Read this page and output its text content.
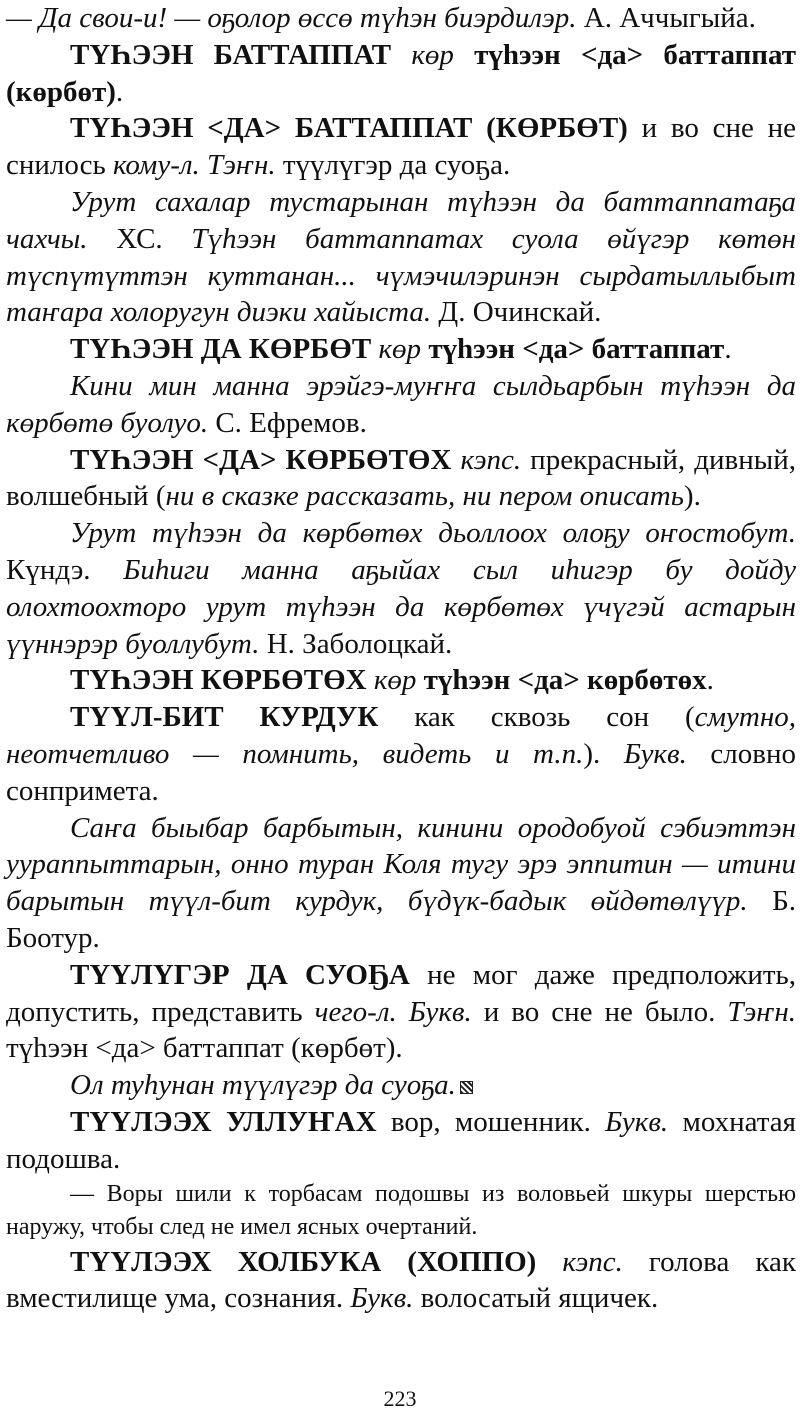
— Да свои-и! — оҕолор өссө түһэн биэрдилэр. А. Аччыгыйа.

ТҮҺЭЭН БАТТАППАТ көр түһээн <да> баттаппат (көрбөт).

ТҮҺЭЭН <ДА> БАТТАППАТ (КӨРБӨТ) и во сне не снилось кому-л. Тэҥн. түүлүгэр да суоҕа.

Урут сахалар тустарынан түһээн да баттаппатаҕа чахчы. ХС. Түһээн баттаппатах суола өйүгэр көтөн түспүтүттэн куттанан... чүмэчилэринэн сырдатыллыбыт таҥара холоругун диэки хайыста. Д. Очинскай.

ТҮҺЭЭН ДА КӨРБӨТ көр түһээн <да> баттаппат.

Кини мин манна эрэйгэ-муҥҥа сылдьарбын түһээн да көрбөтө буолуо. С. Ефремов.

ТҮҺЭЭН <ДА> КӨРБӨТӨХ кэпс. прекрасный, дивный, волшебный (ни в сказке рассказать, ни пером описать).

Урут түһээн да көрбөтөх дьоллоох олоҕу оҥостобут. Күндэ. Биһиги манна аҕыйах сыл иһигэр бу дойду олохтоохторо урут түһээн да көрбөтөх үчүгэй астарын үүннэрэр буоллубут. Н. Заболоцкай.

ТҮҺЭЭН КӨРБӨТӨХ көр түһээн <да> көрбөтөх.

ТҮҮЛ-БИТ КУРДУК как сквозь сон (смутно, неотчетливо — помнить, видеть и т.п.). Букв. словно сонпримета.

Саҥа быыбар барбытын, кинини ородобуой сэбиэттэн уураппыттарын, онно туран Коля тугу эрэ эппитин — итини барытын түүл-бит курдук, бүдүк-бадык өйдөтөлүүр. Б. Боотур.

ТҮҮЛҮГЭР ДА СУОҔА не мог даже предположить, допустить, представить чего-л. Букв. и во сне не было. Тэҥн. түһээн <да> баттаппат (көрбөт).

Ол туһунан түүлүгэр да суоҕа.

ТҮҮЛЭЭХ УЛЛУҤАХ вор, мошенник. Букв. мохнатая подошва.

— Воры шили к торбасам подошвы из воловьей шкуры шерстью наружу, чтобы след не имел ясных очертаний.

ТҮҮЛЭЭХ ХОЛБУКА (ХОППО) кэпс. голова как вместилище ума, сознания. Букв. волосатый ящичек.

223
